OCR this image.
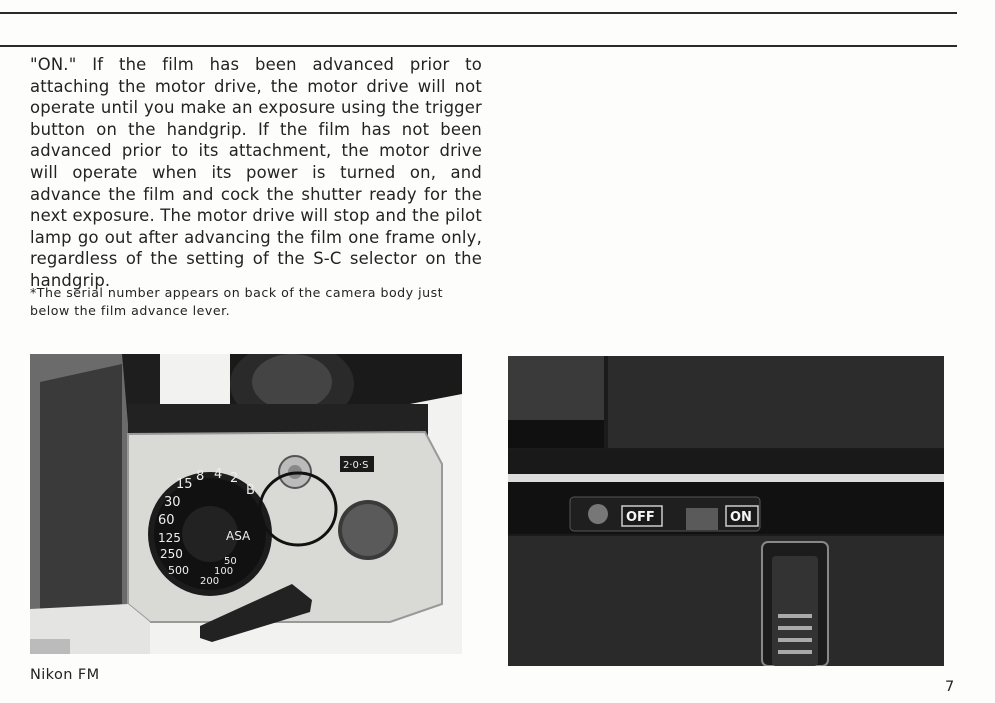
"ON." If the film has been advanced prior to attaching the motor drive, the motor drive will not operate until you make an exposure using the trigger button on the handgrip. If the film has not been advanced prior to its attachment, the motor drive will operate when its power is turned on, and advance the film and cock the shutter ready for the next exposure. The motor drive will stop and the pilot lamp go out after advancing the film one frame only, regardless of the setting of the S-C selector on the handgrip.

*The serial number appears on back of the camera body just below the film advance lever.

60
125
250
500
30
15
8 4 2
B
ASA
50
100
200
2·0·S
OFF	ON
Nikon FM
7
